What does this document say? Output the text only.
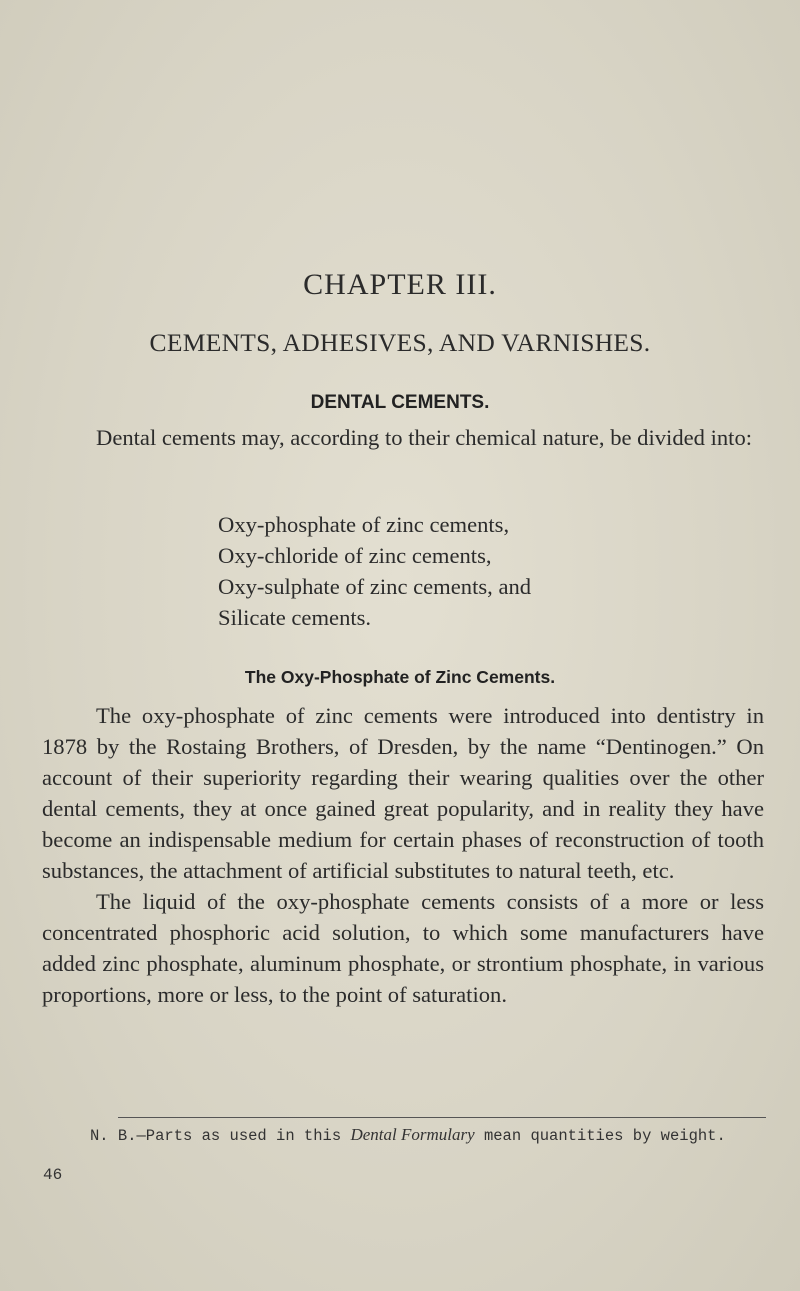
CHAPTER III.
CEMENTS, ADHESIVES, AND VARNISHES.
DENTAL CEMENTS.

Dental cements may, according to their chemical nature, be divided into:

Oxy-phosphate of zinc cements,
Oxy-chloride of zinc cements,
Oxy-sulphate of zinc cements, and
Silicate cements.
The Oxy-Phosphate of Zinc Cements.

The oxy-phosphate of zinc cements were introduced into dentistry in 1878 by the Rostaing Brothers, of Dresden, by the name “Dentinogen.” On account of their superiority regarding their wearing qualities over the other dental cements, they at once gained great popularity, and in reality they have become an indispensable medium for certain phases of reconstruction of tooth substances, the attachment of artificial substitutes to natural teeth, etc.

The liquid of the oxy-phosphate cements consists of a more or less concentrated phosphoric acid solution, to which some manufacturers have added zinc phosphate, aluminum phosphate, or strontium phosphate, in various proportions, more or less, to the point of saturation.

N. B.—Parts as used in this Dental Formulary mean quantities by weight.

46
